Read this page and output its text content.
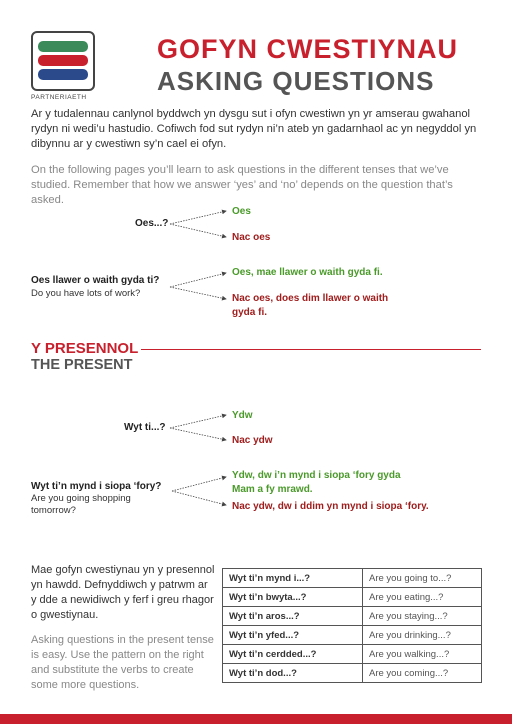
PARTNERIAETH
GOFYN CWESTIYNAU
ASKING QUESTIONS
Ar y tudalennau canlynol byddwch yn dysgu sut i ofyn cwestiwn yn yr amserau gwahanol rydyn ni wedi’u hastudio. Cofiwch fod sut rydyn ni’n ateb yn gadarnhaol ac yn negyddol yn dibynnu ar y cwestiwn sy’n cael ei ofyn.
On the following pages you’ll learn to ask questions in the different tenses that we’ve studied. Remember that how we answer ‘yes’ and ‘no’ depends on the question that’s asked.
Oes...?
Oes
Nac oes
Oes llawer o waith gyda ti?
Do you have lots of work?
Oes, mae llawer o waith gyda fi.
Nac oes, does dim llawer o waith
gyda fi.
Y PRESENNOL
THE PRESENT
Wyt ti...?
Ydw
Nac ydw
Wyt ti’n mynd i siopa ‘fory?
Are you going shopping
tomorrow?
Ydw, dw i’n mynd i siopa ‘fory gyda
Mam a fy mrawd.
Nac ydw, dw i ddim yn mynd i siopa ‘fory.
Mae gofyn cwestiynau yn y presennol yn hawdd. Defnyddiwch y patrwm ar y dde a newidiwch y ferf i greu rhagor o gwestiynau.
Asking questions in the present tense is easy. Use the pattern on the right and substitute the verbs to create some more questions.
Wyt ti’n mynd i...?	Are you going to...?
Wyt ti’n bwyta...?	Are you eating...?
Wyt ti’n aros...?	Are you staying...?
Wyt ti’n yfed...?	Are you drinking...?
Wyt ti’n cerdded...?	Are you walking...?
Wyt ti’n dod...?	Are you coming...?
